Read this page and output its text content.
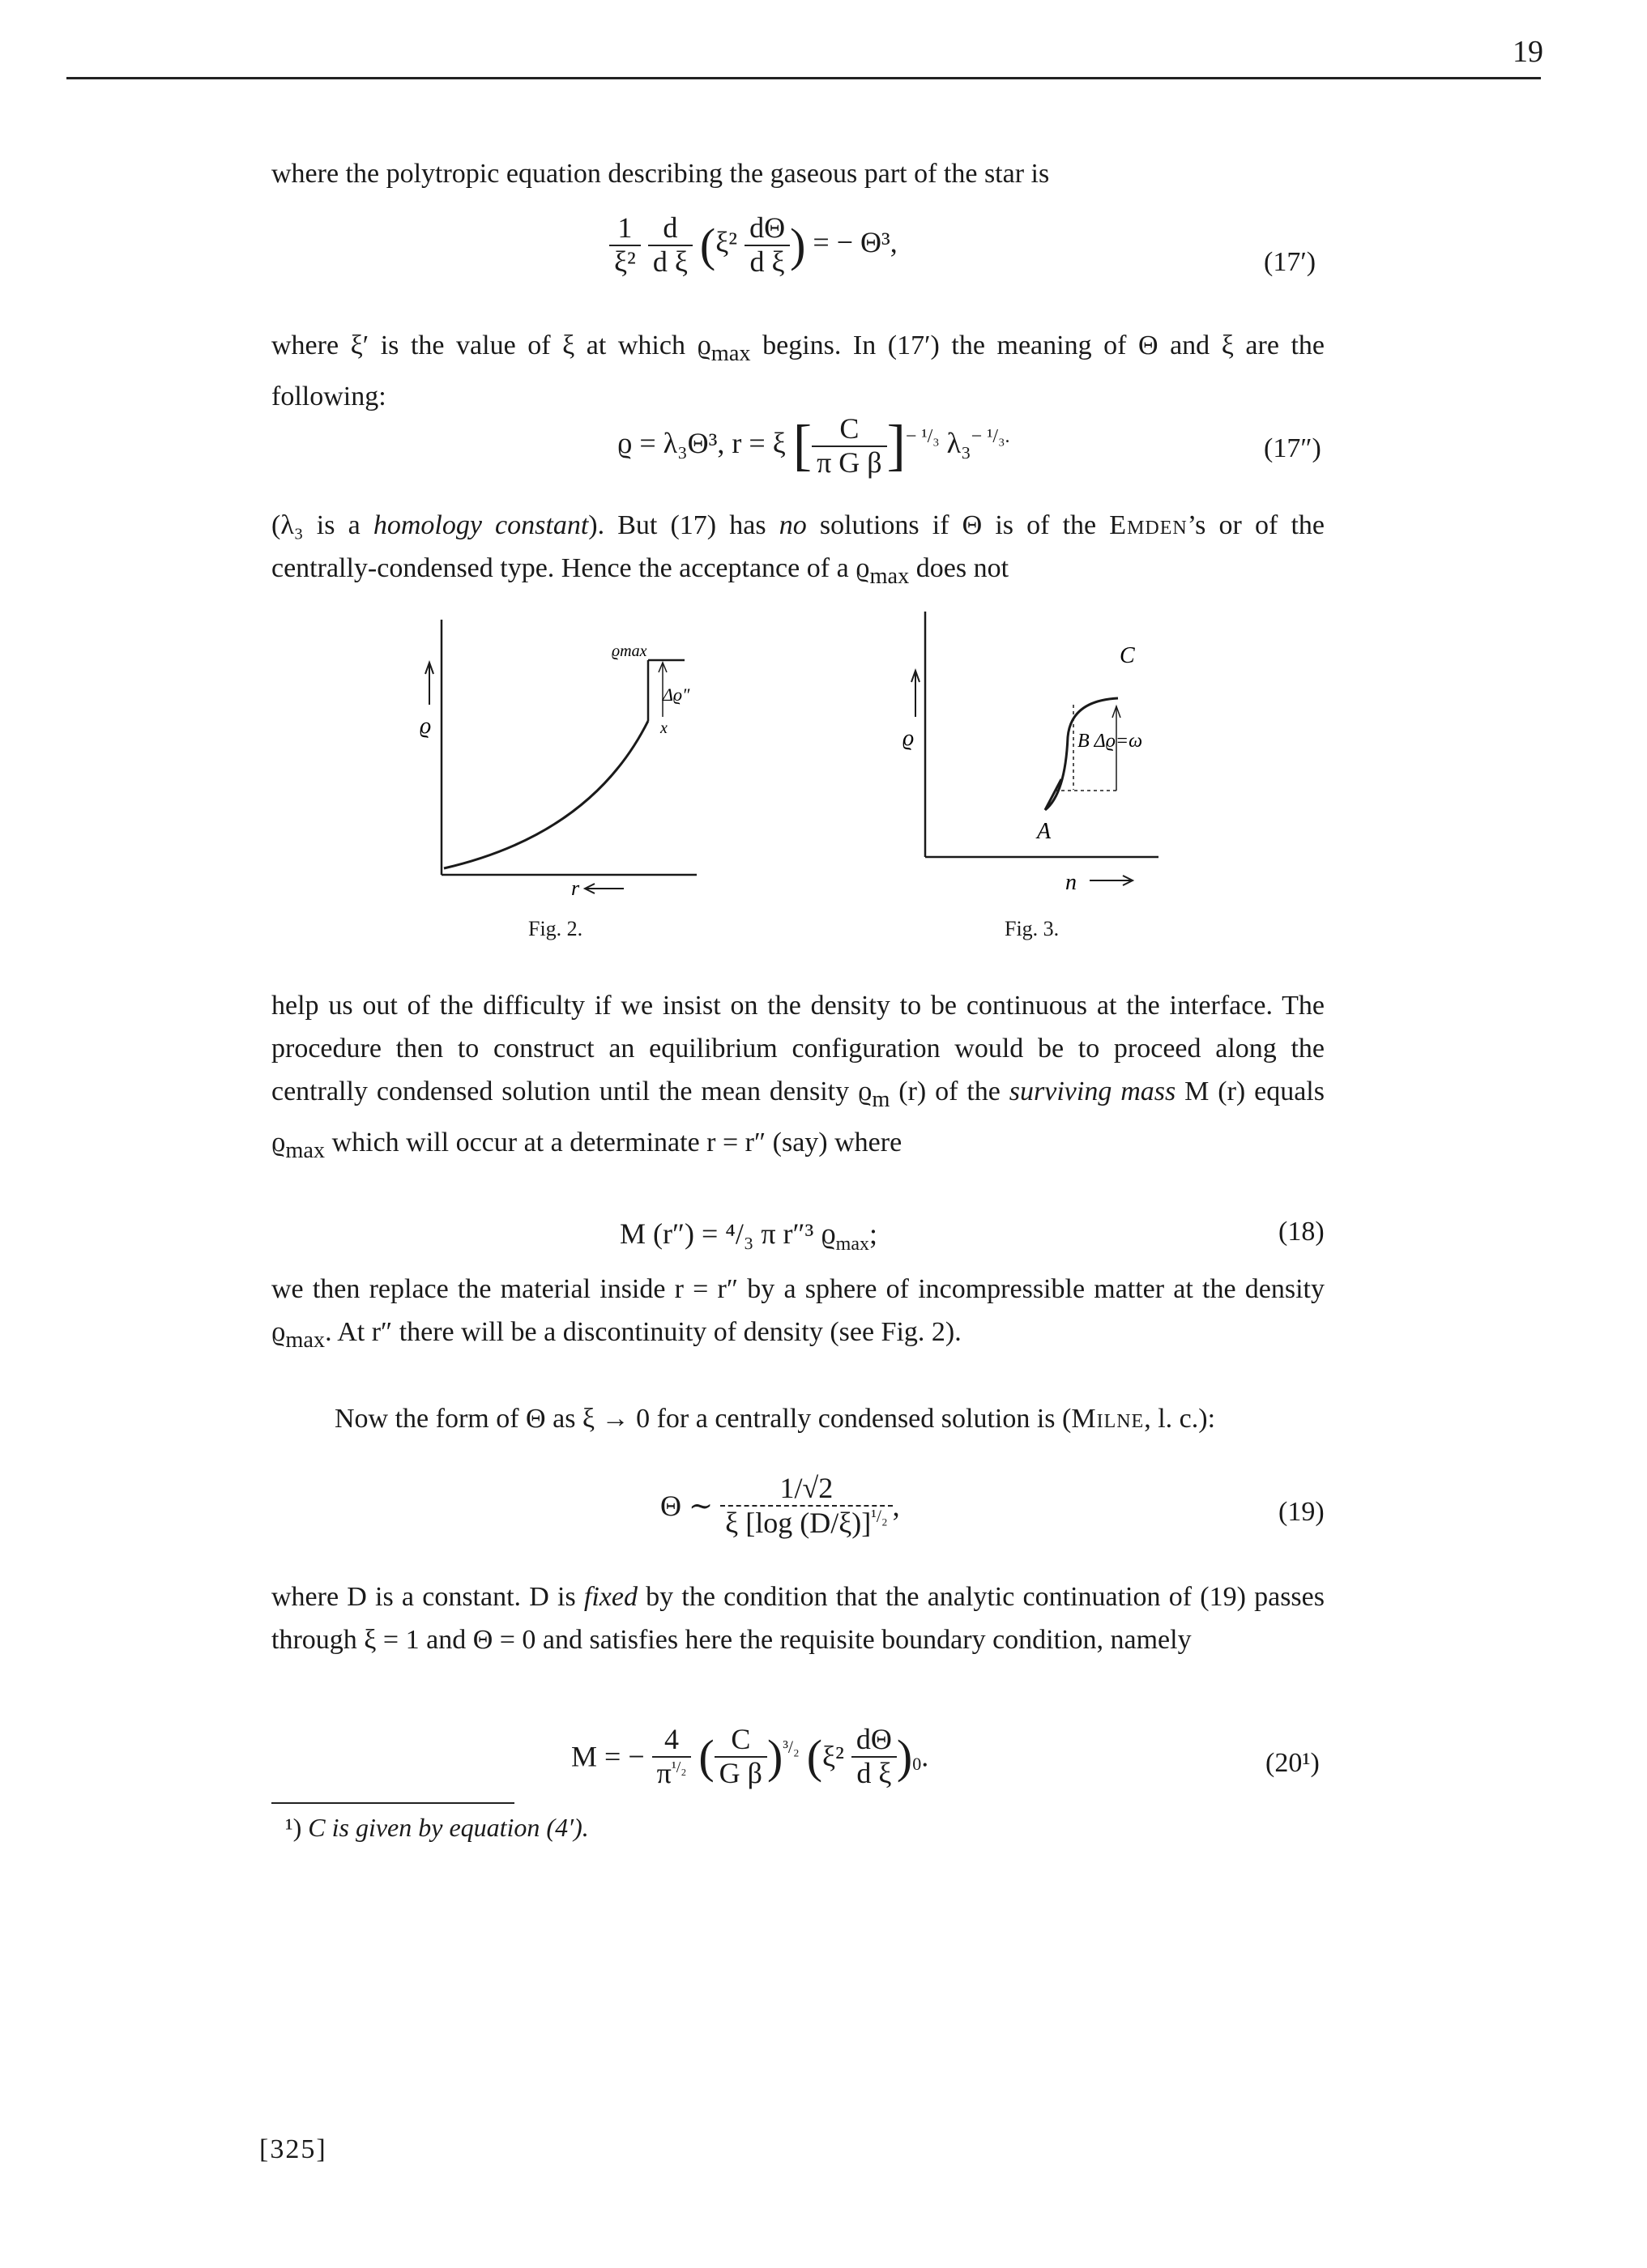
19

where the polytropic equation describing the gaseous part of the star is

$\frac{1}{\text{ξ²}}$
$\frac{d}{\text{d ξ}} (\xi^2 \frac{d\Theta}{\text{d ξ}}$ ) = − Θ³,
(17′)

where ξ′ is the value of ξ at which $ϱ_{max}$ begins. In (17′) the meaning of Θ and ξ are the following:

ϱ = λ₃Θ³, r = ξ [ $\frac{C}{\text{π G β}} ]^{- ^1/_3}$ λ₃$^{- ^1/_3.}$	(17″)

(λ₃ is a homology constant). But (17) has no solutions if Θ is of the Emden’s or of the centrally-condensed type. Hence the acceptance of a $ϱ_{max}$ does not

ϱ
r
ϱmax
Δϱ″
x
Fig. 2.
ϱ
n
C
B Δϱ=ω
A
Fig. 3.

help us out of the difficulty if we insist on the density to be continuous at the interface. The procedure then to construct an equilibrium configuration would be to proceed along the centrally condensed solution until the mean density $ϱ_m$ (r) of the surviving mass M (r) equals $ϱ_{max}$ which will occur at a determinate r = r″ (say) where

M (r″) = ⁴/₃ π r″³ $ϱ_{max}$;	(18)

we then replace the material inside r = r″ by a sphere of incompressible matter at the density $ϱ_{max}$. At r″ there will be a discontinuity of density (see Fig. 2).

Now the form of Θ as ξ → 0 for a centrally condensed solution is (Milne, l. c.):

Θ ∼ $\frac{1/√2}{\xi [\log (D/\xi)]^{^1/_2}}$ ,	(19)

where D is a constant. D is fixed by the condition that the analytic continuation of (19) passes through ξ = 1 and Θ = 0 and satisfies here the requisite boundary condition, namely

M = − $\frac{4}{\pi^{^1/_2}}$ ( $\frac{C}{\text{G β}} )^{^3/_2}$ $(\xi^2 \frac{d\Theta}{\text{d ξ}} )_0$.	(20¹)
¹) C is given by equation (4′).
[325]
